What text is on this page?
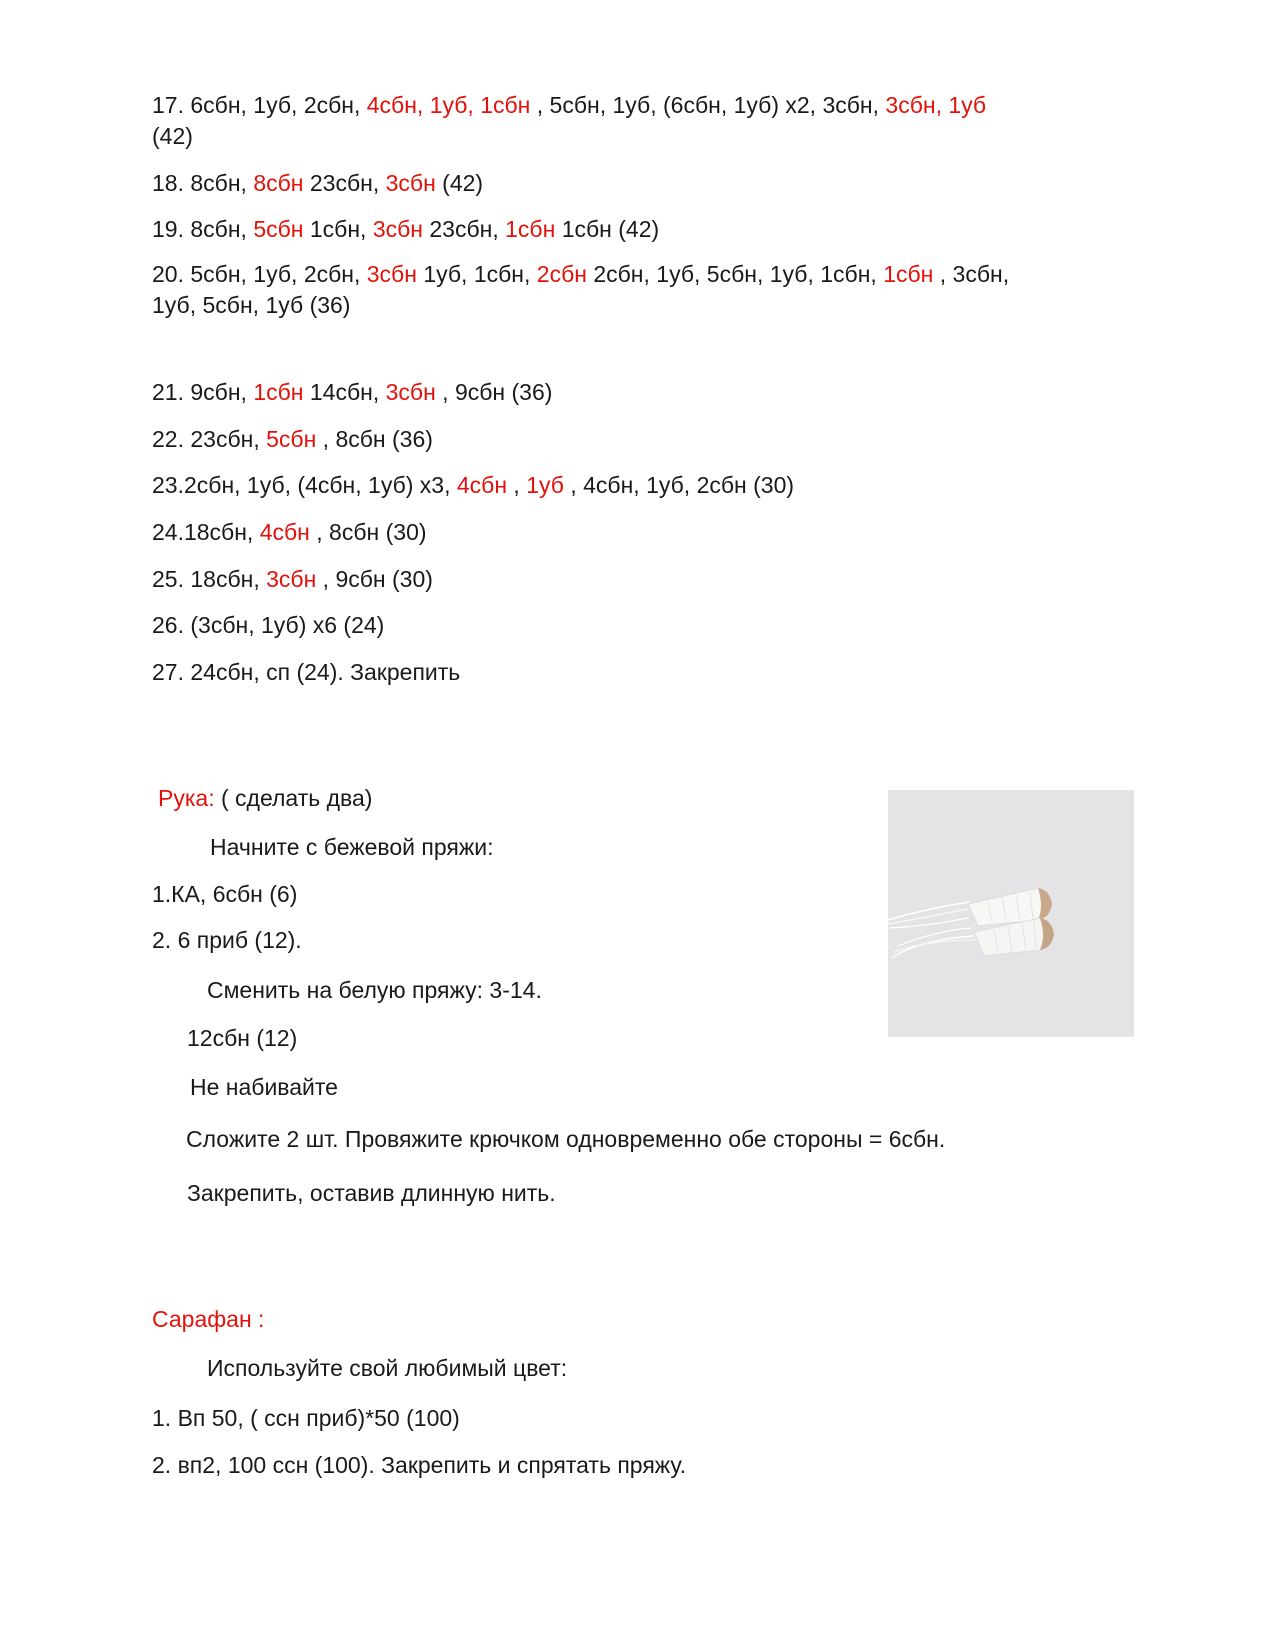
17. 6сбн, 1уб, 2сбн, 4сбн, 1уб, 1сбн , 5сбн, 1уб, (6сбн, 1уб) х2, 3сбн, 3сбн, 1уб
(42)
18. 8сбн, 8сбн 23сбн, 3сбн (42)
19. 8сбн, 5сбн 1сбн, 3сбн 23сбн, 1сбн 1сбн (42)
20. 5сбн, 1уб, 2сбн, 3сбн 1уб, 1сбн, 2сбн 2сбн, 1уб, 5сбн, 1уб, 1сбн, 1сбн , 3сбн,
1уб, 5сбн, 1уб (36)
21. 9сбн, 1сбн 14сбн, 3сбн , 9сбн (36)
22. 23сбн, 5сбн , 8сбн (36)
23.2сбн, 1уб, (4сбн, 1уб) х3, 4сбн , 1уб , 4сбн, 1уб, 2сбн (30)
24.18сбн, 4сбн , 8сбн (30)
25. 18сбн, 3сбн , 9сбн (30)
26. (3сбн, 1уб) х6 (24)
27. 24сбн, сп (24). Закрепить
Рука: ( сделать два)
Начните с бежевой пряжи:
1.КА, 6сбн (6)
2. 6 приб (12).
Сменить на белую пряжу: 3-14.
12сбн (12)
Не набивайте
Сложите 2 шт. Провяжите крючком одновременно обе стороны = 6сбн.
Закрепить, оставив длинную нить.
Сарафан :
Используйте свой любимый цвет:
1. Вп 50, ( ссн приб)*50 (100)
2. вп2, 100 ссн (100). Закрепить и спрятать пряжу.
